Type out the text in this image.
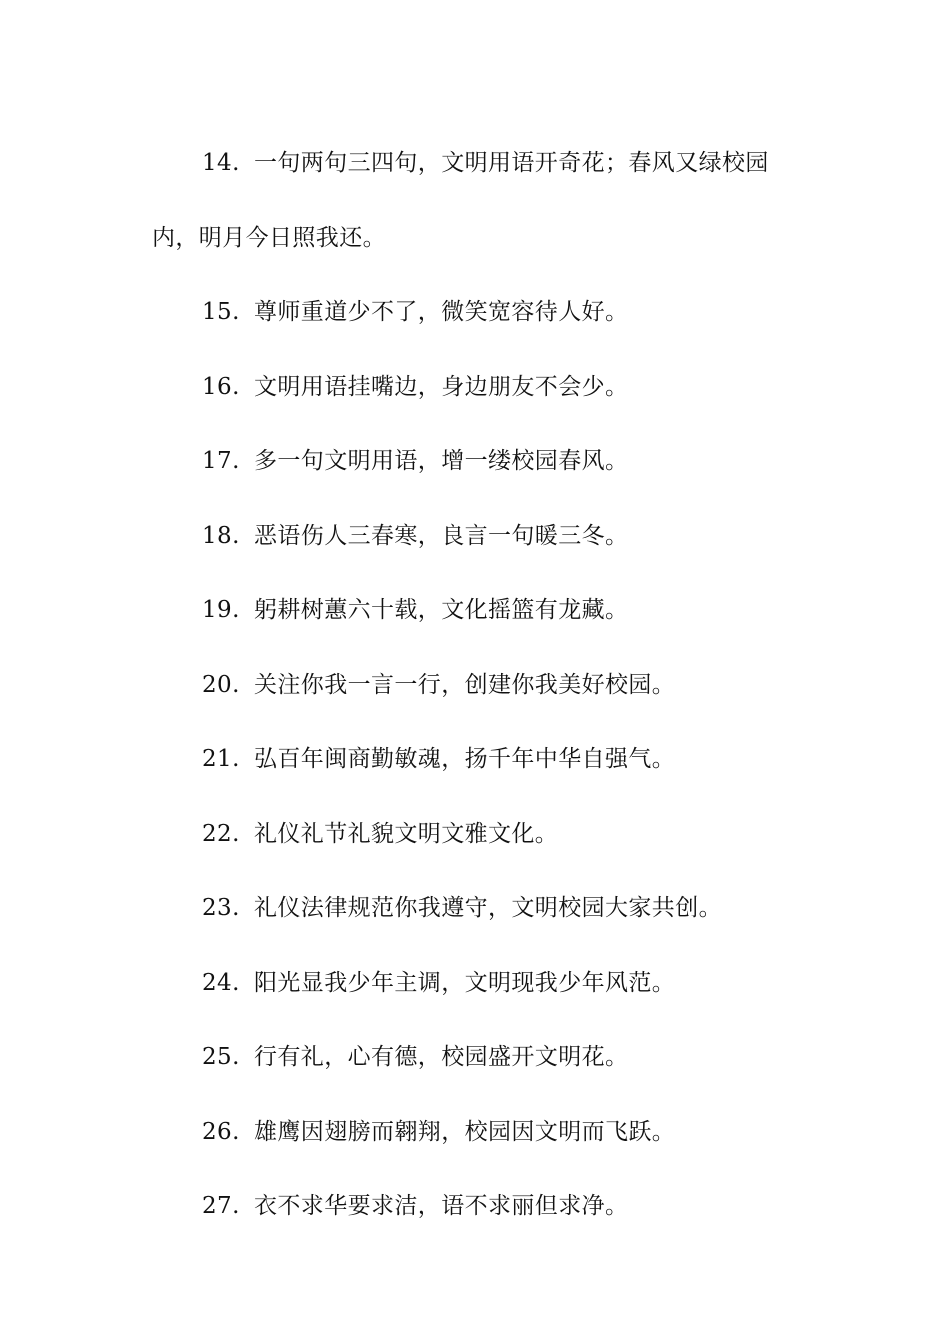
14. 一句两句三四句，文明用语开奇花；春风又绿校园内，明月今日照我还。
15. 尊师重道少不了，微笑宽容待人好。
16. 文明用语挂嘴边，身边朋友不会少。
17. 多一句文明用语，增一缕校园春风。
18. 恶语伤人三春寒，良言一句暖三冬。
19. 躬耕树蕙六十载，文化摇篮有龙藏。
20. 关注你我一言一行，创建你我美好校园。
21. 弘百年闽商勤敏魂，扬千年中华自强气。
22. 礼仪礼节礼貌文明文雅文化。
23. 礼仪法律规范你我遵守，文明校园大家共创。
24. 阳光显我少年主调，文明现我少年风范。
25. 行有礼，心有德，校园盛开文明花。
26. 雄鹰因翅膀而翱翔，校园因文明而飞跃。
27. 衣不求华要求洁，语不求丽但求净。
